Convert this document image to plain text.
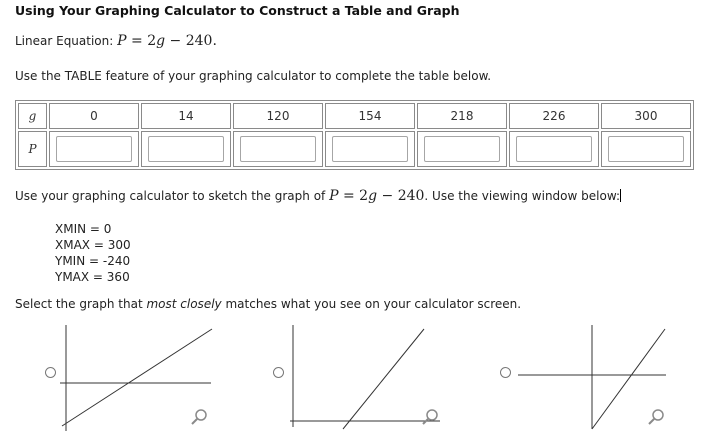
Using Your Graphing Calculator to Construct a Table and Graph
Linear Equation: P = 2g − 240.
Use the TABLE feature of your graphing calculator to complete the table below.
g	0	14	120	154	218	226	300
P	

Use your graphing calculator to sketch the graph of P = 2g − 240. Use the viewing window below:
XMIN = 0
XMAX = 300
YMIN = -240
YMAX = 360
Select the graph that most closely matches what you see on your calculator screen.
